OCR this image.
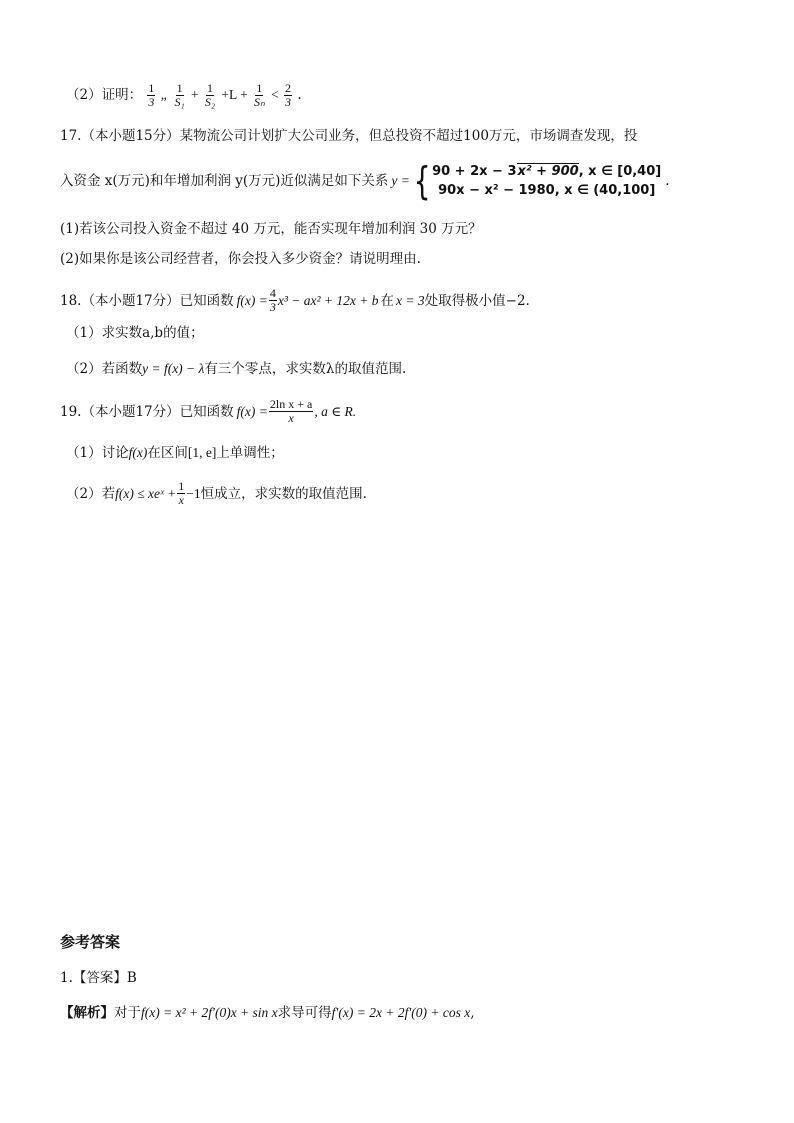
（2）证明： $\frac{1}{3}$ „ $\frac{1}{\text{S₁}} + \frac{1}{\text{S₂}} +L + \frac{1}{\text{Sₙ}} < \frac{2}{3}$ .
17.（本小题15分）某物流公司计划扩大公司业务，但总投资不超过100万元，市场调查发现，投
入资金 x(万元)和年增加利润 y(万元)近似满足如下关系 y = { 90 + 2x − 3x² + 900, x ∈ [0,40]
90x − x² − 1980, x ∈ (40,100]
.
(1)若该公司投入资金不超过 40 万元，能否实现年增加利润 30 万元？
(2)如果你是该公司经营者，你会投入多少资金？请说明理由.
18.（本小题17分）已知函数 $f(x) = \frac{4}{3} x^3 - ax^2 + 12x + b$ 在 x = 3 处取得极小值−2.
（1）求实数a,b的值；
（2）若函数y = f(x) − λ有三个零点，求实数λ的取值范围.
19.（本小题17分）已知函数 $f(x) = \frac{\text{2ln x + a}}{x}$ , a ∈ R.
（1）讨论f(x)在区间[1, e]上单调性；
（2）若 f(x) ≤ xeˣ + $\frac{1}{x} -1$ 恒成立，求实数的取值范围.
参考答案
1.【答案】B
【解析】对于f(x) = x² + 2f′(0)x + sin x求导可得f′(x) = 2x + 2f′(0) + cos x,
